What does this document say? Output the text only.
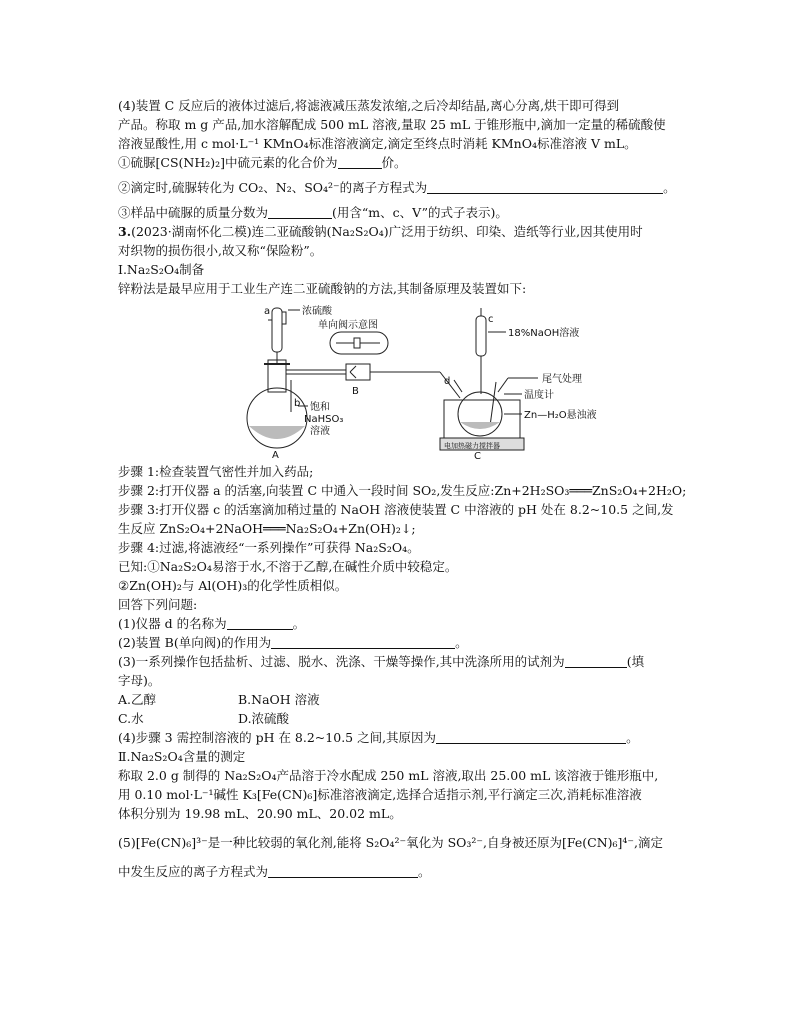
(4)装置 C 反应后的液体过滤后,将滤液减压蒸发浓缩,之后冷却结晶,离心分离,烘干即可得到
产品。称取 m g 产品,加水溶解配成 500 mL 溶液,量取 25 mL 于锥形瓶中,滴加一定量的稀硫酸使
溶液显酸性,用 c mol·L⁻¹ KMnO₄标准溶液滴定,滴定至终点时消耗 KMnO₄标准溶液 V mL。
①硫脲[CS(NH₂)₂]中硫元素的化合价为	价。
②滴定时,硫脲转化为 CO₂、N₂、SO₄²⁻的离子方程式为	。
③样品中硫脲的质量分数为	(用含“m、c、V”的式子表示)。
3.(2023·湖南怀化二模)连二亚硫酸钠(Na₂S₂O₄)广泛用于纺织、印染、造纸等行业,因其使用时
对织物的损伤很小,故又称“保险粉”。
Ⅰ.Na₂S₂O₄制备
锌粉法是最早应用于工业生产连二亚硫酸钠的方法,其制备原理及装置如下:
a	浓硫酸
单向阀示意图
b
B
饱和
NaHSO₃
溶液
A
c
18%NaOH溶液
尾气处理
d
温度计
Zn—H₂O悬浊液
电加热磁力搅拌器
C
步骤 1:检查装置气密性并加入药品;
步骤 2:打开仪器 a 的活塞,向装置 C 中通入一段时间 SO₂,发生反应:Zn+2H₂SO₃═══ZnS₂O₄+2H₂O;
步骤 3:打开仪器 c 的活塞滴加稍过量的 NaOH 溶液使装置 C 中溶液的 pH 处在 8.2~10.5 之间,发
生反应 ZnS₂O₄+2NaOH═══Na₂S₂O₄+Zn(OH)₂↓;
步骤 4:过滤,将滤液经“一系列操作”可获得 Na₂S₂O₄。
已知:①Na₂S₂O₄易溶于水,不溶于乙醇,在碱性介质中较稳定。
②Zn(OH)₂与 Al(OH)₃的化学性质相似。
回答下列问题:
(1)仪器 d 的名称为	。
(2)装置 B(单向阀)的作用为	。
(3)一系列操作包括盐析、过滤、脱水、洗涤、干燥等操作,其中洗涤所用的试剂为	(填
字母)。
A.乙醇	B.NaOH 溶液
C.水	D.浓硫酸
(4)步骤 3 需控制溶液的 pH 在 8.2~10.5 之间,其原因为	。
Ⅱ.Na₂S₂O₄含量的测定
称取 2.0 g 制得的 Na₂S₂O₄产品溶于冷水配成 250 mL 溶液,取出 25.00 mL 该溶液于锥形瓶中,
用 0.10 mol·L⁻¹碱性 K₃[Fe(CN)₆]标准溶液滴定,选择合适指示剂,平行滴定三次,消耗标准溶液
体积分别为 19.98 mL、20.90 mL、20.02 mL。
(5)[Fe(CN)₆]³⁻是一种比较弱的氧化剂,能将 S₂O₄²⁻氧化为 SO₃²⁻,自身被还原为[Fe(CN)₆]⁴⁻,滴定
中发生反应的离子方程式为	。
